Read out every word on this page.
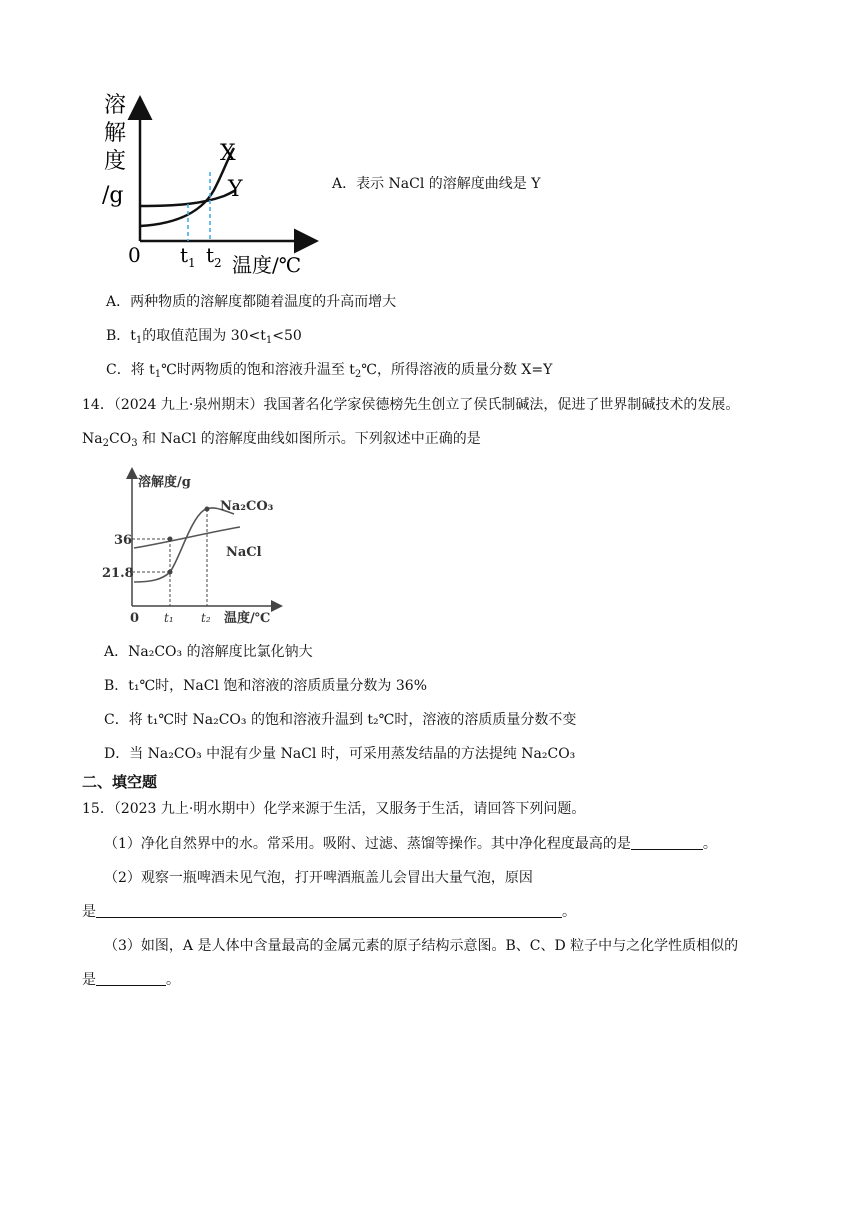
溶
解
度
/g
X
Y
0 $t_1$ $t_2$ 温度/℃
A．表示 NaCl 的溶解度曲线是 Y
A．两种物质的溶解度都随着温度的升高而增大
B．$t_1$的取值范围为 $30<t_1<50$
C．将 $t_1℃$时两物质的饱和溶液升温至 $t_2℃$，所得溶液的质量分数 X=Y
14．（2024 九上·泉州期末）我国著名化学家侯德榜先生创立了侯氏制碱法，促进了世界制碱技术的发展。
$Na_2CO_3$ 和 NaCl 的溶解度曲线如图所示。下列叙述中正确的是
溶解度/g
Na₂CO₃
NaCl
36
21.8
0 t₁ t₂ 温度/℃
A．Na₂CO₃ 的溶解度比氯化钠大
B．t₁℃时，NaCl 饱和溶液的溶质质量分数为 36%
C．将 t₁℃时 Na₂CO₃ 的饱和溶液升温到 t₂℃时，溶液的溶质质量分数不变
D．当 Na₂CO₃ 中混有少量 NaCl 时，可采用蒸发结晶的方法提纯 Na₂CO₃
二、填空题
15．（2023 九上·明水期中）化学来源于生活，又服务于生活，请回答下列问题。
（1）净化自然界中的水。常采用。吸附、过滤、蒸馏等操作。其中净化程度最高的是	。
（2）观察一瓶啤酒未见气泡，打开啤酒瓶盖儿会冒出大量气泡，原因
是	。
（3）如图，A 是人体中含量最高的金属元素的原子结构示意图。B、C、D 粒子中与之化学性质相似的
是	。
